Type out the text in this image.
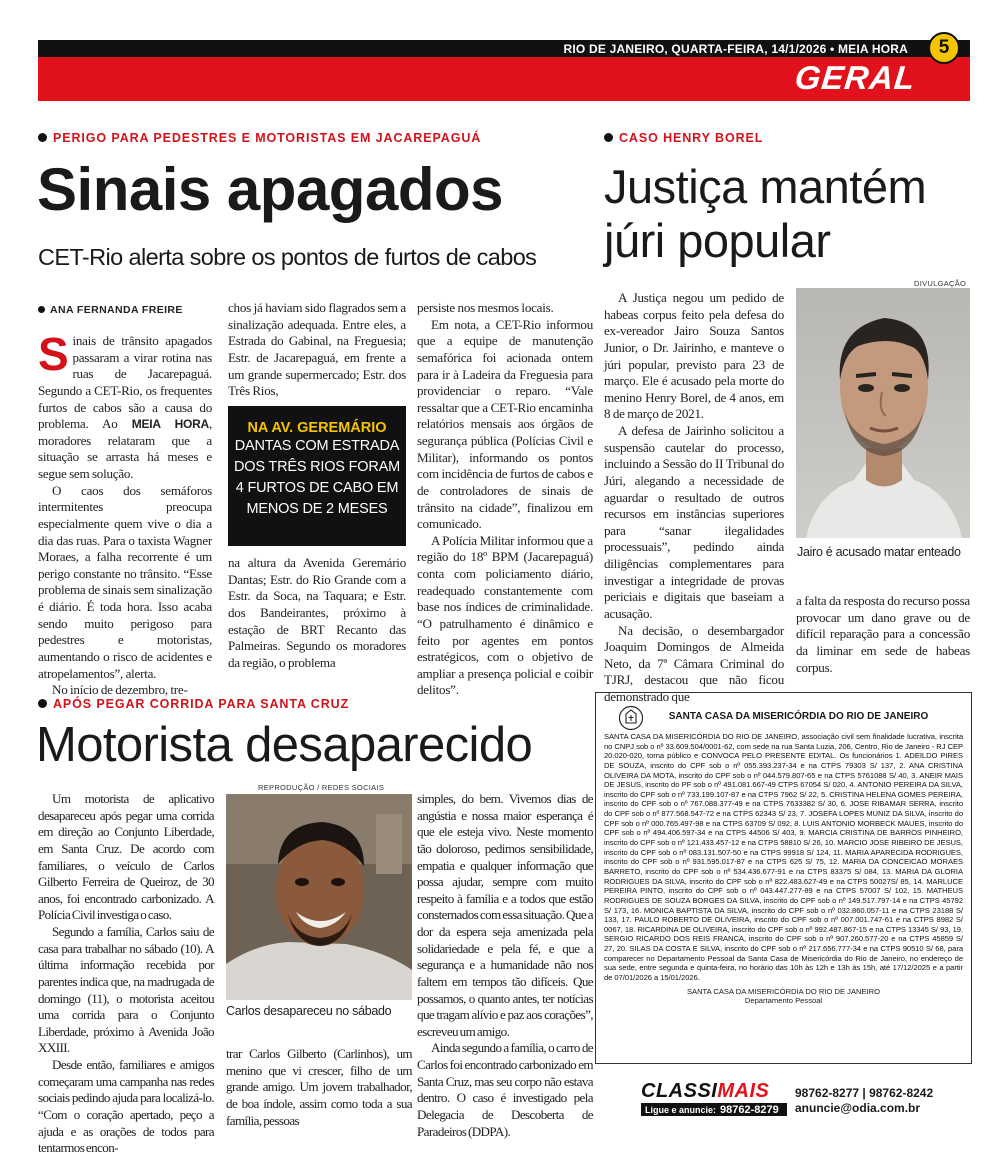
RIO DE JANEIRO, QUARTA-FEIRA, 14/1/2026 • MEIA HORA
GERAL
5
PERIGO PARA PEDESTRES E MOTORISTAS EM JACAREPAGUÁ
Sinais apagados
CET-Rio alerta sobre os pontos de furtos de cabos
ANA FERNANDA FREIRE

Sinais de trânsito apagados passaram a virar rotina nas ruas de Jacarepaguá. Segundo a CET-Rio, os frequentes furtos de cabos são a causa do problema. Ao MEIA HORA, moradores relataram que a situação se arrasta há meses e segue sem solução.

O caos dos semáforos intermitentes preocupa especialmente quem vive o dia a dia das ruas. Para o taxista Wagner Moraes, a falha recorrente é um perigo constante no trânsito. “Esse problema de sinais sem sinalização é diário. É toda hora. Isso acaba sendo muito perigoso para pedestres e motoristas, aumentando o risco de acidentes e atropelamentos”, alerta.

No início de dezembro, tre-

chos já haviam sido flagrados sem a sinalização adequada. Entre eles, a Estrada do Gabinal, na Freguesia; Estr. de Jacarepaguá, em frente a um grande supermercado; Estr. dos Três Rios,

NA AV. GEREMÁRIO
DANTAS COM ESTRADA DOS TRÊS RIOS FORAM 4 FURTOS DE CABO EM MENOS DE 2 MESES

na altura da Avenida Geremário Dantas; Estr. do Rio Grande com a Estr. da Soca, na Taquara; e Estr. dos Bandeirantes, próximo à estação de BRT Recanto das Palmeiras. Segundo os moradores da região, o problema

persiste nos mesmos locais.

Em nota, a CET-Rio informou que a equipe de manutenção semafórica foi acionada ontem para ir à Ladeira da Freguesia para providenciar o reparo. “Vale ressaltar que a CET-Rio encaminha relatórios mensais aos órgãos de segurança pública (Polícias Civil e Militar), informando os pontos com incidência de furtos de cabos e de controladores de sinais de trânsito na cidade”, finalizou em comunicado.

A Polícia Militar informou que a região do 18º BPM (Jacarepaguá) conta com policiamento diário, readequado constantemente com base nos índices de criminalidade. “O patrulhamento é dinâmico e feito por agentes em pontos estratégicos, com o objetivo de ampliar a presença policial e coibir delitos”.

CASO HENRY BOREL
Justiça mantém
júri popular

A Justiça negou um pedido de habeas corpus feito pela defesa do ex-vereador Jairo Souza Santos Junior, o Dr. Jairinho, e manteve o júri popular, previsto para 23 de março. Ele é acusado pela morte do menino Henry Borel, de 4 anos, em 8 de março de 2021.

A defesa de Jairinho solicitou a suspensão cautelar do processo, incluindo a Sessão do II Tribunal do Júri, alegando a necessidade de aguardar o resultado de outros recursos em instâncias superiores para “sanar ilegalidades processuais”, pedindo ainda diligências complementares para investigar a integridade de provas periciais e digitais que baseiam a acusação.

Na decisão, o desembargador Joaquim Domingos de Almeida Neto, da 7ª Câmara Criminal do TJRJ, destacou que não ficou demonstrado que

DIVULGAÇÃO
Jairo é acusado matar enteado

a falta da resposta do recurso possa provocar um dano grave ou de difícil reparação para a concessão da liminar em sede de habeas corpus.

APÓS PEGAR CORRIDA PARA SANTA CRUZ
Motorista desaparecido

Um motorista de aplicativo desapareceu após pegar uma corrida em direção ao Conjunto Liberdade, em Santa Cruz. De acordo com familiares, o veículo de Carlos Gilberto Ferreira de Queiroz, de 30 anos, foi encontrado carbonizado. A Polícia Civil investiga o caso.

Segundo a família, Carlos saiu de casa para trabalhar no sábado (10). A última informação recebida por parentes indica que, na madrugada de domingo (11), o motorista aceitou uma corrida para o Conjunto Liberdade, próximo à Avenida João XXIII.

Desde então, familiares e amigos começaram uma campanha nas redes sociais pedindo ajuda para localizá-lo. “Com o coração apertado, peço a ajuda e as orações de todos para tentarmos encon-

REPRODUÇÃO / REDES SOCIAIS
Carlos desapareceu no sábado

trar Carlos Gilberto (Carlinhos), um menino que vi crescer, filho de um grande amigo. Um jovem trabalhador, de boa índole, assim como toda a sua família, pessoas

simples, do bem. Vivemos dias de angústia e nossa maior esperança é que ele esteja vivo. Neste momento tão doloroso, pedimos sensibilidade, empatia e qualquer informação que possa ajudar, sempre com muito respeito à família e a todos que estão consternados com essa situação. Que a dor da espera seja amenizada pela solidariedade e pela fé, e que a segurança e a humanidade não nos faltem em tempos tão difíceis. Que possamos, o quanto antes, ter notícias que tragam alívio e paz aos corações”, escreveu um amigo.

Ainda segundo a família, o carro de Carlos foi encontrado carbonizado em Santa Cruz, mas seu corpo não estava dentro. O caso é investigado pela Delegacia de Descoberta de Paradeiros (DDPA).

SANTA CASA DA MISERICÓRDIA DO RIO DE JANEIRO
SANTA CASA DA MISERICÓRDIA DO RIO DE JANEIRO, associação civil sem finalidade lucrativa, inscrita no CNPJ sob o nº 33.609.504/0001-62, com sede na rua Santa Luzia, 206, Centro, Rio de Janeiro - RJ CEP 20.020-020, torna público e CONVOCA PELO PRESENTE EDITAL. Os funcionários 1. ADEILDO PIRES DE SOUZA, inscrito do CPF sob o nº 055.393.237-34 e na CTPS 79303 S/ 137, 2. ANA CRISTINA OLIVEIRA DA MOTA, inscrito do CPF sob o nº 044.579.807-65 e na CTPS 5761088 S/ 40, 3. ANEIR MAIS DE JESUS, inscrito do PF sob o nº 491.081.667-49 CTPS 67054 S/ 020, 4. ANTONIO PEREIRA DA SILVA, inscrito do CPF sob o nº 733.199.107-87 e na CTPS 7962 S/ 22, 5. CRISTINA HELENA GOMES PEREIRA, inscrito do CPF sob o nº 767.088.377-49 e na CTPS 7633382 S/ 30, 6. JOSE RIBAMAR SERRA, inscrito do CPF sob o nº 877.568.547-72 e na CTPS 62343 S/ 23, 7. JOSEFA LOPES MUNIZ DA SILVA, inscrito do CPF sob o nº 000.765.497-98 e na CTPS 63709 S/ 092, 8. LUIS ANTONIO MORBECK MAUES, inscrito do CPF sob o nº 494.406.597-34 e na CTPS 44506 S/ 403, 9. MARCIA CRISTINA DE BARROS PINHEIRO, inscrito do CPF sob o nº 121.433.457-12 e na CTPS 58810 S/ 26, 10. MARCIO JOSE RIBEIRO DE JESUS, inscrito do CPF sob o nº 083.131.507-50 e na CTPS 99918 S/ 124, 11. MARIA APARECIDA RODRIGUES, inscrito do CPF sob o nº 931.595.017-87 e na CTPS 625 S/ 75, 12. MARIA DA CONCEICAO MORAES BARRETO, inscrito do CPF sob o nº 534.436.677-91 e na CTPS 83375 S/ 084, 13. MARIA DA GLORIA RODRIGUES DA SILVA, inscrito do CPF sob o nº 822.483.627-49 e na CTPS 50027S/ 85, 14. MARLUCE PEREIRA PINTO, inscrito do CPF sob o nº 043.447.277-89 e na CTPS 57007 S/ 102, 15. MATHEUS RODRIGUES DE SOUZA BORGES DA SILVA, inscrito do CPF sob o nº 149.517.797-14 e na CTPS 45792 S/ 173, 16. MONICA BAPTISTA DA SILVA, inscrito do CPF sob o nº 032.860.057-11 e na CTPS 23188 S/ 133, 17. PAULO ROBERTO DE OLIVEIRA, inscrito do CPF sob o nº 007.001.747-61 e na CTPS 8982 S/ 0067, 18. RICARDINA DE OLIVEIRA, inscrito do CPF sob o nº 992.487.867-15 e na CTPS 13345 S/ 93, 19. SERGIO RICARDO DOS REIS FRANCA, inscrito do CPF sob o nº 907.260.577-20 e na CTPS 45859 S/ 27, 20. SILAS DA COSTA E SILVA, inscrito do CPF sob o nº 217.656.777-34 e na CTPS 90510 S/ 68, para comparecer no Departamento Pessoal da Santa Casa de Misericórdia do Rio de Janeiro, no endereço de sua sede, entre segunda e quinta-feira, no horário das 10h às 12h e 13h às 15h, até 17/12/2025 e a partir de 07/01/2026 a 15/01/2026.
SANTA CASA DA MISERICÓRDIA DO RIO DE JANEIRO
Departamento Pessoal
CLASSIMAIS
Ligue e anuncie: 98762-8279
98762-8277 | 98762-8242
anuncie@odia.com.br
